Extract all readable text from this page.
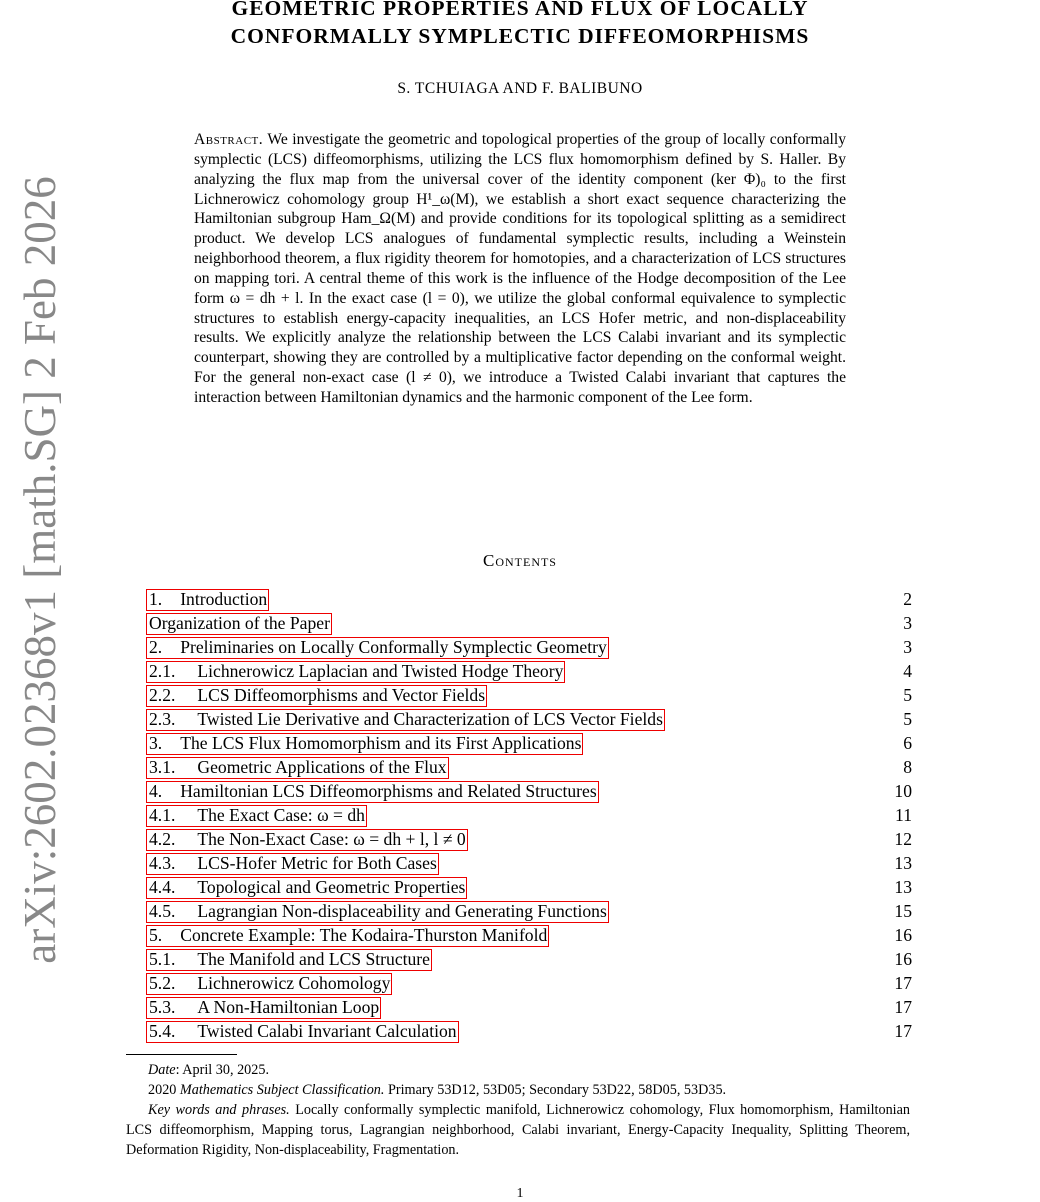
arXiv:2602.02368v1 [math.SG] 2 Feb 2026
GEOMETRIC PROPERTIES AND FLUX OF LOCALLY
CONFORMALLY SYMPLECTIC DIFFEOMORPHISMS
S. TCHUIAGA AND F. BALIBUNO
Abstract. We investigate the geometric and topological properties of the group of locally conformally symplectic (LCS) diffeomorphisms, utilizing the LCS flux homomorphism defined by S. Haller. By analyzing the flux map from the universal cover of the identity component (ker Φ)₀ to the first Lichnerowicz cohomology group H¹_ω(M), we establish a short exact sequence characterizing the Hamiltonian subgroup Ham_Ω(M) and provide conditions for its topological splitting as a semidirect product. We develop LCS analogues of fundamental symplectic results, including a Weinstein neighborhood theorem, a flux rigidity theorem for homotopies, and a characterization of LCS structures on mapping tori. A central theme of this work is the influence of the Hodge decomposition of the Lee form ω = dh + l. In the exact case (l = 0), we utilize the global conformal equivalence to symplectic structures to establish energy-capacity inequalities, an LCS Hofer metric, and non-displaceability results. We explicitly analyze the relationship between the LCS Calabi invariant and its symplectic counterpart, showing they are controlled by a multiplicative factor depending on the conformal weight. For the general non-exact case (l ≠ 0), we introduce a Twisted Calabi invariant that captures the interaction between Hamiltonian dynamics and the harmonic component of the Lee form.
Contents
1. Introduction	2
Organization of the Paper	3
2. Preliminaries on Locally Conformally Symplectic Geometry	3
2.1. Lichnerowicz Laplacian and Twisted Hodge Theory	4
2.2. LCS Diffeomorphisms and Vector Fields	5
2.3. Twisted Lie Derivative and Characterization of LCS Vector Fields	5
3. The LCS Flux Homomorphism and its First Applications	6
3.1. Geometric Applications of the Flux	8
4. Hamiltonian LCS Diffeomorphisms and Related Structures	10
4.1. The Exact Case: ω = dh	11
4.2. The Non-Exact Case: ω = dh + l, l ≠ 0	12
4.3. LCS-Hofer Metric for Both Cases	13
4.4. Topological and Geometric Properties	13
4.5. Lagrangian Non-displaceability and Generating Functions	15
5. Concrete Example: The Kodaira-Thurston Manifold	16
5.1. The Manifold and LCS Structure	16
5.2. Lichnerowicz Cohomology	17
5.3. A Non-Hamiltonian Loop	17
5.4. Twisted Calabi Invariant Calculation	17
Date: April 30, 2025.
2020 Mathematics Subject Classification. Primary 53D12, 53D05; Secondary 53D22, 58D05, 53D35.
Key words and phrases. Locally conformally symplectic manifold, Lichnerowicz cohomology, Flux homomorphism, Hamiltonian LCS diffeomorphism, Mapping torus, Lagrangian neighborhood, Calabi invariant, Energy-Capacity Inequality, Splitting Theorem, Deformation Rigidity, Non-displaceability, Fragmentation.
1
